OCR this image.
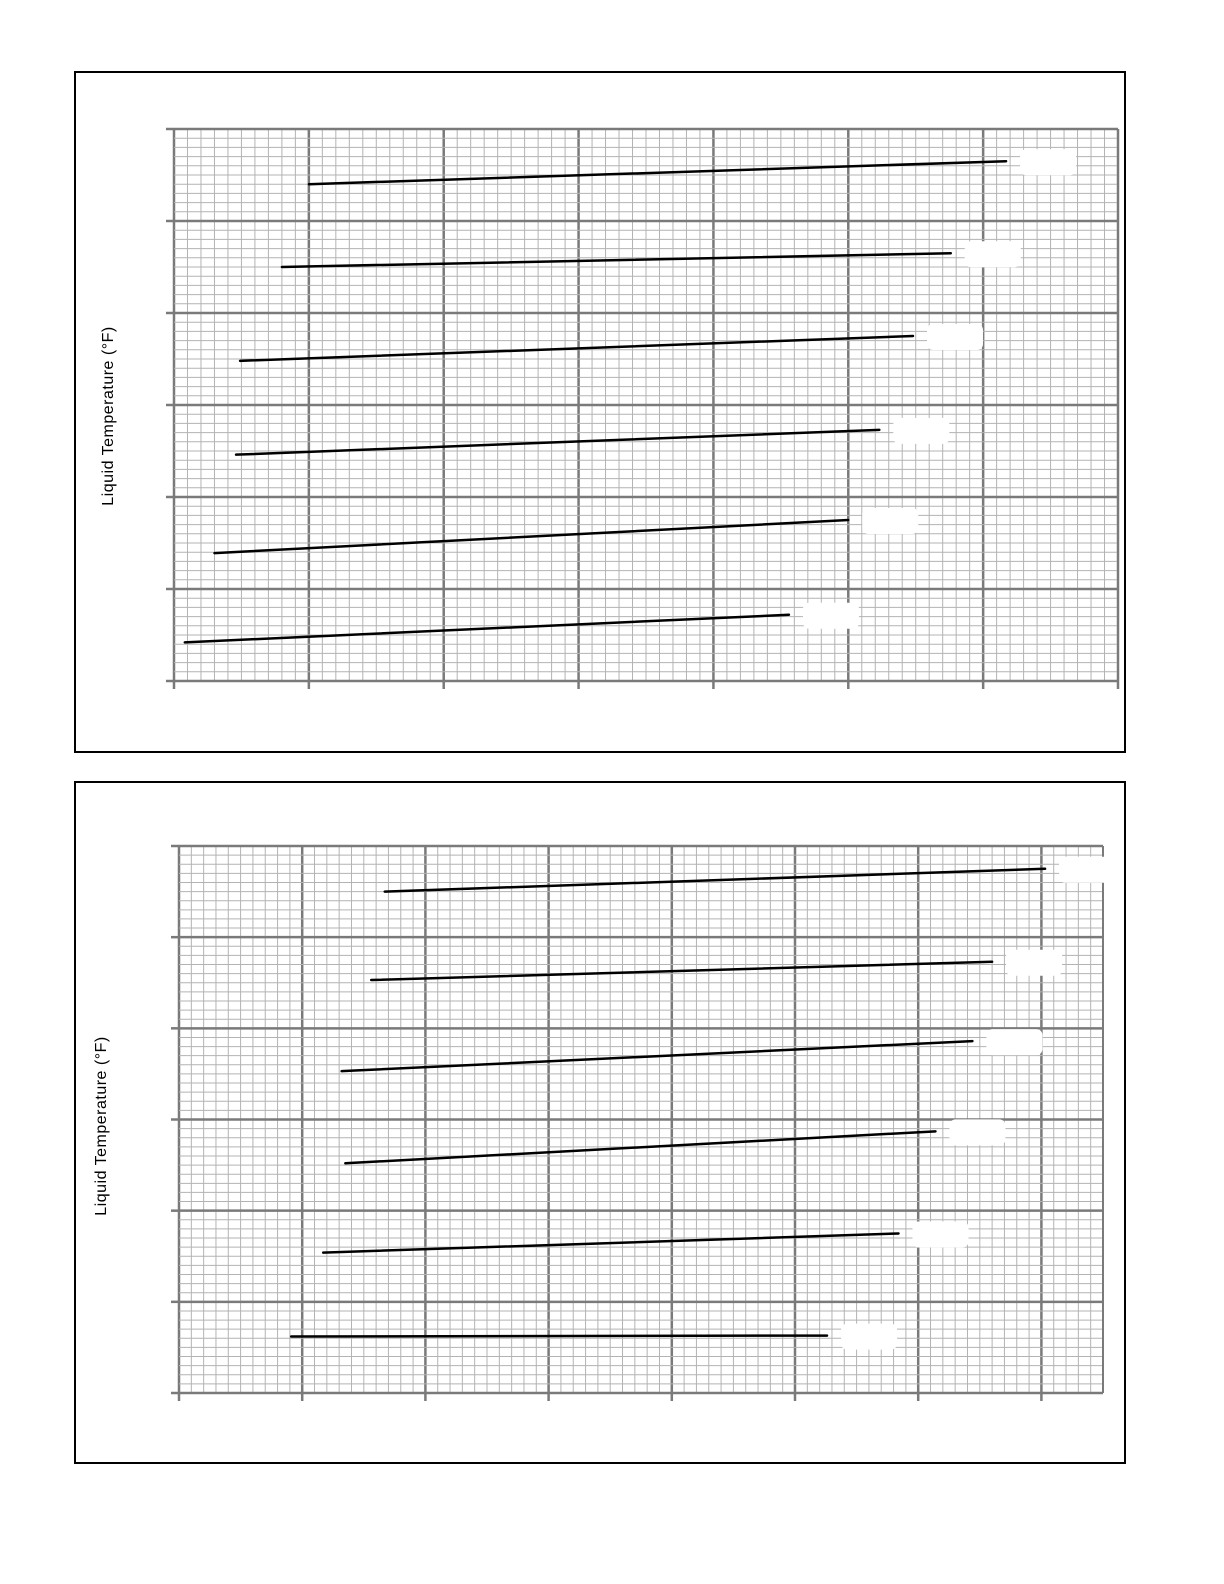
Liquid Temperature (°F)
Liquid Temperature (°F)
